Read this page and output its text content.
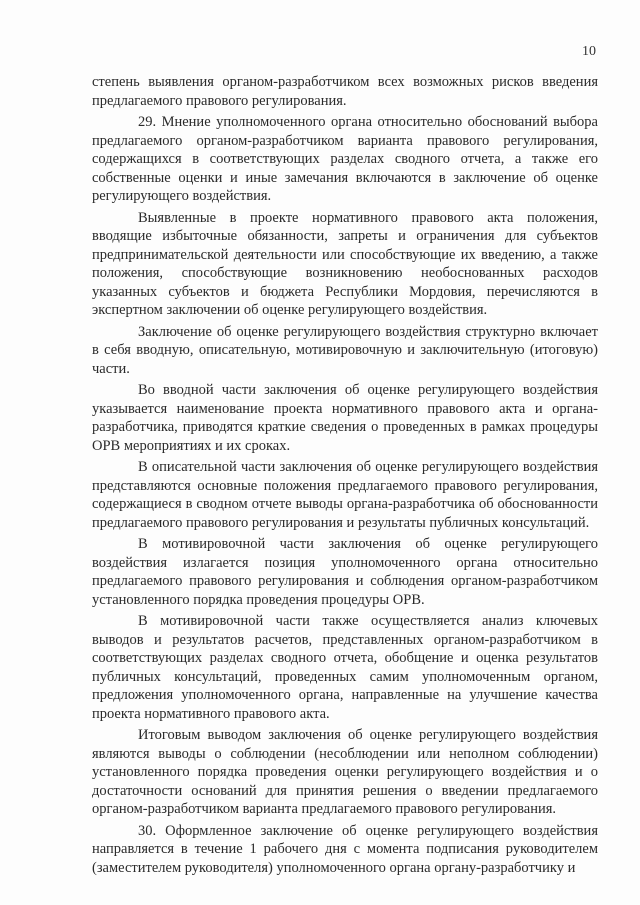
10

степень выявления органом-разработчиком всех возможных рисков введения предлагаемого правового регулирования.

29. Мнение уполномоченного органа относительно обоснований выбора предлагаемого органом-разработчиком варианта правового регулирования, содержащихся в соответствующих разделах сводного отчета, а также его собственные оценки и иные замечания включаются в заключение об оценке регулирующего воздействия.

Выявленные в проекте нормативного правового акта положения, вводящие избыточные обязанности, запреты и ограничения для субъектов предпринимательской деятельности или способствующие их введению, а также положения, способствующие возникновению необоснованных расходов указанных субъектов и бюджета Республики Мордовия, перечисляются в экспертном заключении об оценке регулирующего воздействия.

Заключение об оценке регулирующего воздействия структурно включает в себя вводную, описательную, мотивировочную и заключительную (итоговую) части.

Во вводной части заключения об оценке регулирующего воздействия указывается наименование проекта нормативного правового акта и органа-разработчика, приводятся краткие сведения о проведенных в рамках процедуры ОРВ мероприятиях и их сроках.

В описательной части заключения об оценке регулирующего воздействия представляются основные положения предлагаемого правового регулирования, содержащиеся в сводном отчете выводы органа-разработчика об обоснованности предлагаемого правового регулирования и результаты публичных консультаций.

В мотивировочной части заключения об оценке регулирующего воздействия излагается позиция уполномоченного органа относительно предлагаемого правового регулирования и соблюдения органом-разработчиком установленного порядка проведения процедуры ОРВ.

В мотивировочной части также осуществляется анализ ключевых выводов и результатов расчетов, представленных органом-разработчиком в соответствующих разделах сводного отчета, обобщение и оценка результатов публичных консультаций, проведенных самим уполномоченным органом, предложения уполномоченного органа, направленные на улучшение качества проекта нормативного правового акта.

Итоговым выводом заключения об оценке регулирующего воздействия являются выводы о соблюдении (несоблюдении или неполном соблюдении) установленного порядка проведения оценки регулирующего воздействия и о достаточности оснований для принятия решения о введении предлагаемого органом-разработчиком варианта предлагаемого правового регулирования.

30. Оформленное заключение об оценке регулирующего воздействия направляется в течение 1 рабочего дня с момента подписания руководителем (заместителем руководителя) уполномоченного органа органу-разработчику и
